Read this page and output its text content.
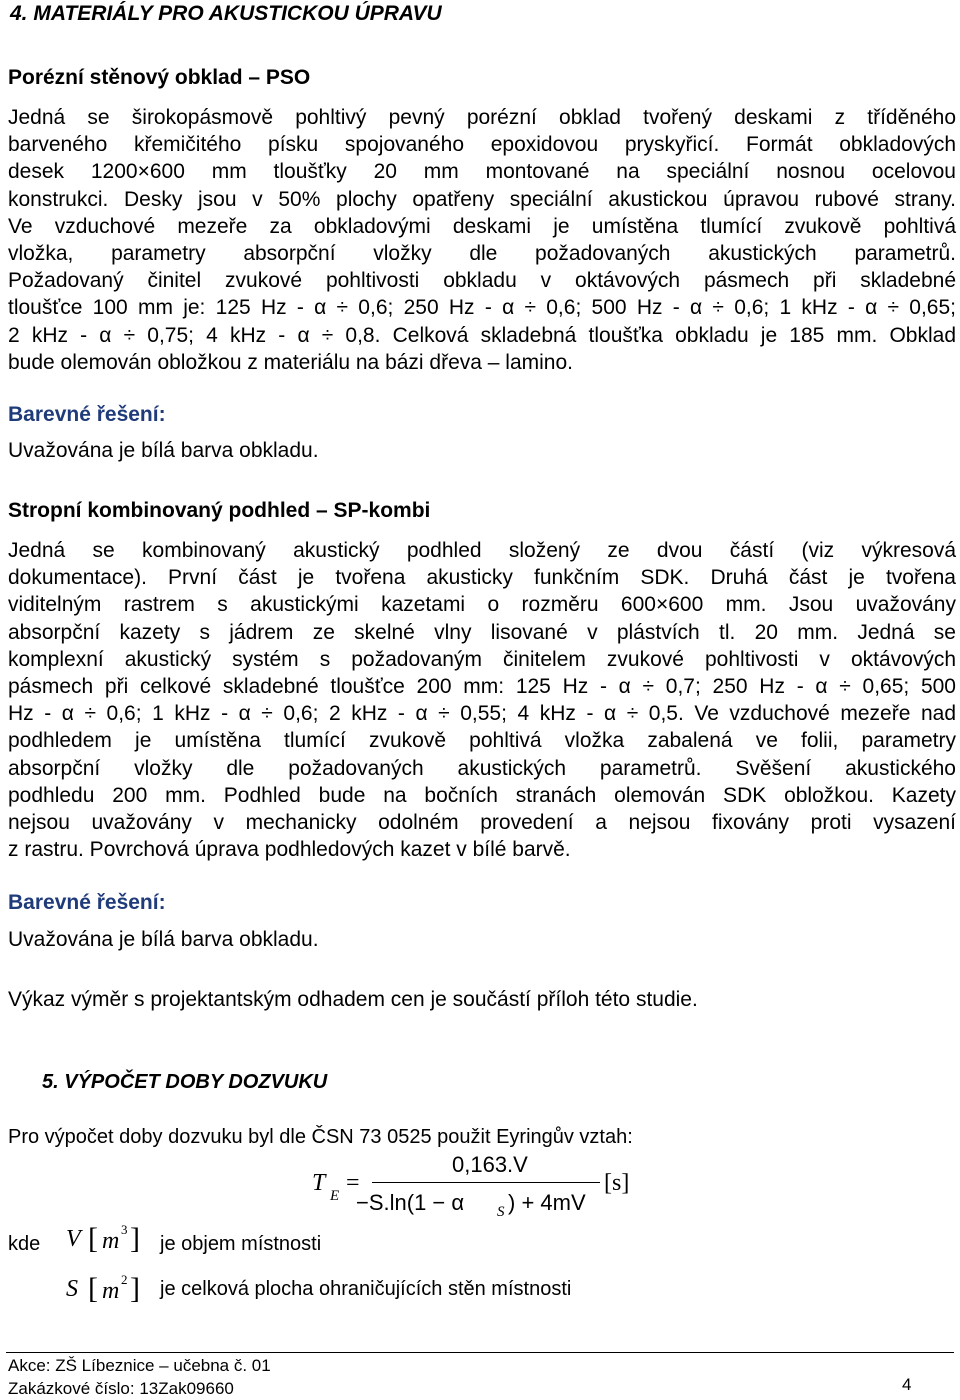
4. MATERIÁLY PRO AKUSTICKOU ÚPRAVU
Porézní stěnový obklad – PSO
Jedná se širokopásmově pohltivý pevný porézní obklad tvořený deskami z tříděného
barveného křemičitého písku spojovaného epoxidovou pryskyřicí. Formát obkladových
desek 1200×600 mm tloušťky 20 mm montované na speciální nosnou ocelovou
konstrukci. Desky jsou v 50% plochy opatřeny speciální akustickou úpravou rubové strany.
Ve vzduchové mezeře za obkladovými deskami je umístěna tlumící zvukově pohltivá
vložka, parametry absorpční vložky dle požadovaných akustických parametrů.
Požadovaný činitel zvukové pohltivosti obkladu v oktávových pásmech při skladebné
tloušťce 100 mm je: 125 Hz - α ÷ 0,6; 250 Hz - α ÷ 0,6; 500 Hz - α ÷ 0,6; 1 kHz - α ÷ 0,65;
2 kHz - α ÷ 0,75; 4 kHz - α ÷ 0,8. Celková skladebná tloušťka obkladu je 185 mm. Obklad
bude olemován obložkou z materiálu na bázi dřeva – lamino.
Barevné řešení:
Uvažována je bílá barva obkladu.
Stropní kombinovaný podhled – SP-kombi
Jedná se kombinovaný akustický podhled složený ze dvou částí (viz výkresová
dokumentace). První část je tvořena akusticky funkčním SDK. Druhá část je tvořena
viditelným rastrem s akustickými kazetami o rozměru 600×600 mm. Jsou uvažovány
absorpční kazety s jádrem ze skelné vlny lisované v plástvích tl. 20 mm. Jedná se
komplexní akustický systém s požadovaným činitelem zvukové pohltivosti v oktávových
pásmech při celkové skladebné tloušťce 200 mm: 125 Hz - α ÷ 0,7; 250 Hz - α ÷ 0,65; 500
Hz - α ÷ 0,6; 1 kHz - α ÷ 0,6; 2 kHz - α ÷ 0,55; 4 kHz - α ÷ 0,5. Ve vzduchové mezeře nad
podhledem je umístěna tlumící zvukově pohltivá vložka zabalená ve folii, parametry
absorpční vložky dle požadovaných akustických parametrů. Svěšení akustického
podhledu 200 mm. Podhled bude na bočních stranách olemován SDK obložkou. Kazety
nejsou uvažovány v mechanicky odolném provedení a nejsou fixovány proti vysazení
z rastru. Povrchová úprava podhledových kazet v bílé barvě.
Barevné řešení:
Uvažována je bílá barva obkladu.
Výkaz výměr s projektantským odhadem cen je součástí příloh této studie.
5. VÝPOČET DOBY DOZVUKU
Pro výpočet doby dozvuku byl dle ČSN 73 0525 použit Eyringův vztah:
T E =
0,163.V
−S.ln(1 − α S ) + 4mV
[s]
kde V [ m 3 ] je objem místnosti
S [ m 2 ] je celková plocha ohraničujících stěn místnosti
Akce: ZŠ Líbeznice – učebna č. 01
Zakázkové číslo: 13Zak09660	4
